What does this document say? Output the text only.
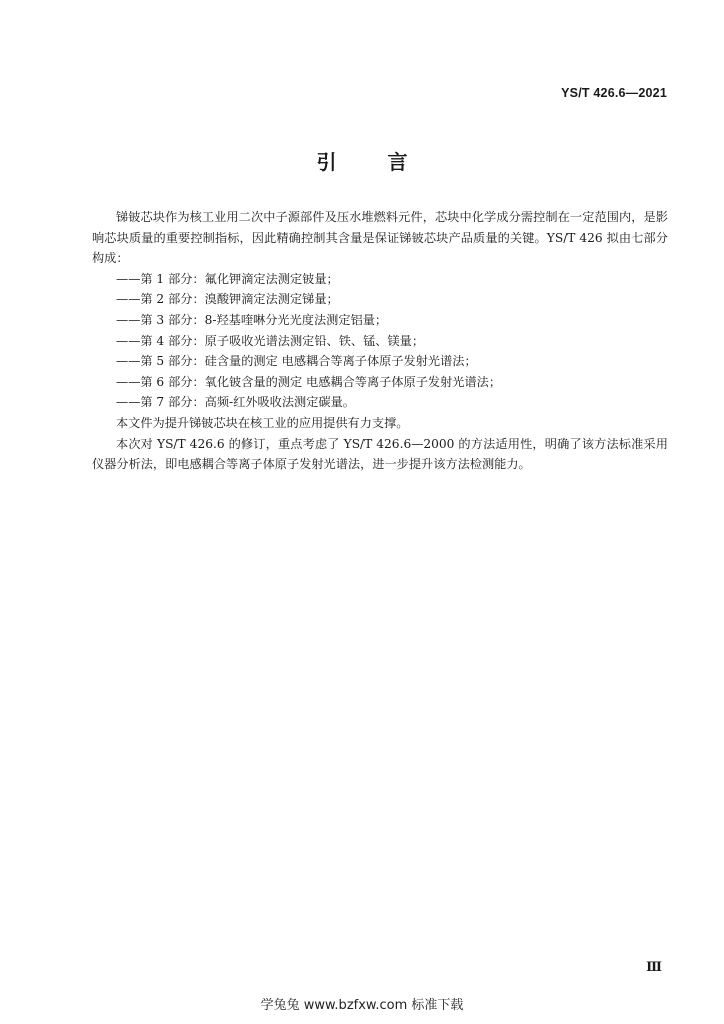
YS/T 426.6—2021
引 言

锑铍芯块作为核工业用二次中子源部件及压水堆燃料元件，芯块中化学成分需控制在一定范围内，是影响芯块质量的重要控制指标，因此精确控制其含量是保证锑铍芯块产品质量的关键。YS/T 426 拟由七部分构成：

——第 1 部分：氟化钾滴定法测定铍量；
——第 2 部分：溴酸钾滴定法测定锑量；
——第 3 部分：8-羟基喹啉分光光度法测定铝量；
——第 4 部分：原子吸收光谱法测定铅、铁、锰、镁量；
——第 5 部分：硅含量的测定 电感耦合等离子体原子发射光谱法；
——第 6 部分：氧化铍含量的测定 电感耦合等离子体原子发射光谱法；
——第 7 部分：高频-红外吸收法测定碳量。

本文件为提升锑铍芯块在核工业的应用提供有力支撑。

本次对 YS/T 426.6 的修订，重点考虑了 YS/T 426.6—2000 的方法适用性，明确了该方法标准采用仪器分析法，即电感耦合等离子体原子发射光谱法，进一步提升该方法检测能力。

Ⅲ
学兔兔 www.bzfxw.com 标准下载
